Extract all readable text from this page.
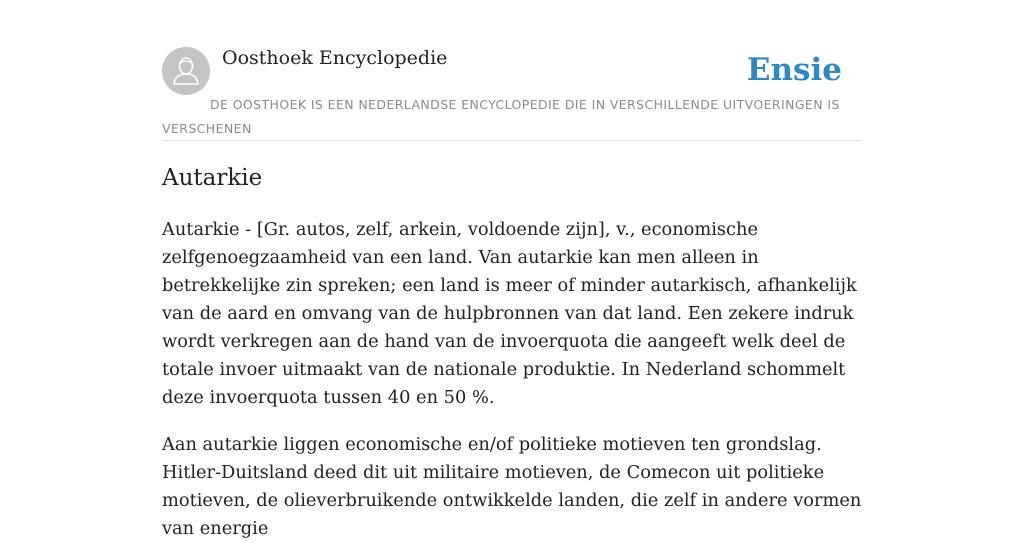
Oosthoek Encyclopedie	Ensie
DE OOSTHOEK IS EEN NEDERLANDSE ENCYCLOPEDIE DIE IN VERSCHILLENDE UITVOERINGEN IS VERSCHENEN
Autarkie

Autarkie - [Gr. autos, zelf, arkein, voldoende zijn], v., economische zelfgenoegzaamheid van een land. Van autarkie kan men alleen in betrekkelijke zin spreken; een land is meer of minder autarkisch, afhankelijk van de aard en omvang van de hulpbronnen van dat land. Een zekere indruk wordt verkregen aan de hand van de invoerquota die aangeeft welk deel de totale invoer uitmaakt van de nationale produktie. In Nederland schommelt deze invoerquota tussen 40 en 50 %.

Aan autarkie liggen economische en/of politieke motieven ten grondslag. Hitler-Duitsland deed dit uit militaire motieven, de Comecon uit politieke motieven, de olieverbruikende ontwikkelde landen, die zelf in andere vormen van energie
